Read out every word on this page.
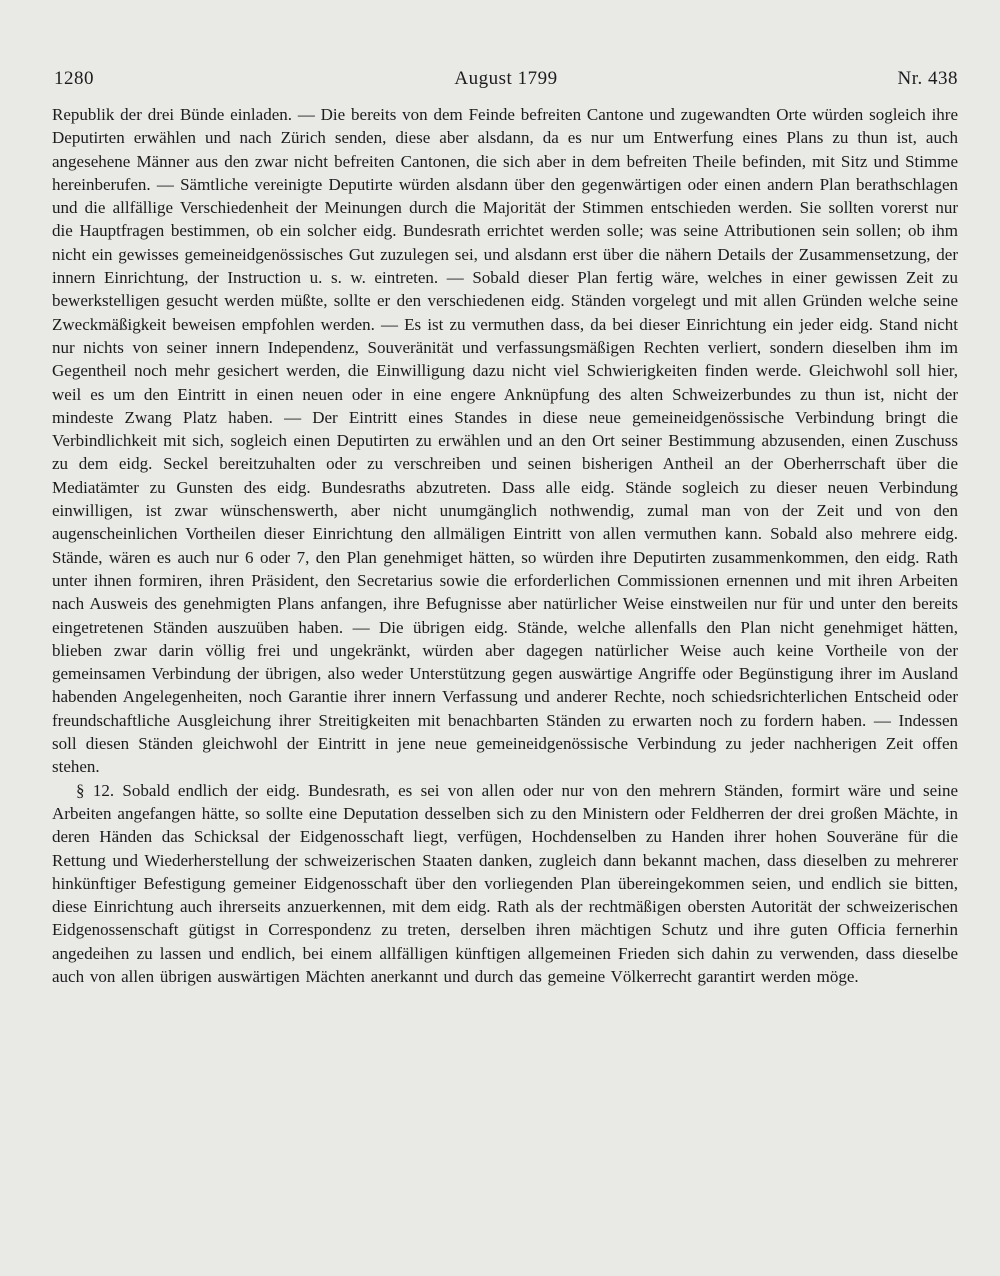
1280	August 1799	Nr. 438

Republik der drei Bünde einladen. — Die bereits von dem Feinde befreiten Cantone und zugewandten Orte würden sogleich ihre Deputirten erwählen und nach Zürich senden, diese aber alsdann, da es nur um Entwerfung eines Plans zu thun ist, auch angesehene Männer aus den zwar nicht befreiten Cantonen, die sich aber in dem befreiten Theile befinden, mit Sitz und Stimme hereinberufen. — Sämtliche vereinigte Deputirte würden alsdann über den gegenwärtigen oder einen andern Plan berathschlagen und die allfällige Verschiedenheit der Meinungen durch die Majorität der Stimmen entschieden werden. Sie sollten vorerst nur die Hauptfragen bestimmen, ob ein solcher eidg. Bundesrath errichtet werden solle; was seine Attributionen sein sollen; ob ihm nicht ein gewisses gemeineidgenössisches Gut zuzulegen sei, und alsdann erst über die nähern Details der Zusammensetzung, der innern Einrichtung, der Instruction u. s. w. eintreten. — Sobald dieser Plan fertig wäre, welches in einer gewissen Zeit zu bewerkstelligen gesucht werden müßte, sollte er den verschiedenen eidg. Ständen vorgelegt und mit allen Gründen welche seine Zweckmäßigkeit beweisen empfohlen werden. — Es ist zu vermuthen dass, da bei dieser Einrichtung ein jeder eidg. Stand nicht nur nichts von seiner innern Independenz, Souveränität und verfassungsmäßigen Rechten verliert, sondern dieselben ihm im Gegentheil noch mehr gesichert werden, die Einwilligung dazu nicht viel Schwierigkeiten finden werde. Gleichwohl soll hier, weil es um den Eintritt in einen neuen oder in eine engere Anknüpfung des alten Schweizerbundes zu thun ist, nicht der mindeste Zwang Platz haben. — Der Eintritt eines Standes in diese neue gemeineidgenössische Verbindung bringt die Verbindlichkeit mit sich, sogleich einen Deputirten zu erwählen und an den Ort seiner Bestimmung abzusenden, einen Zuschuss zu dem eidg. Seckel bereitzuhalten oder zu verschreiben und seinen bisherigen Antheil an der Oberherrschaft über die Mediatämter zu Gunsten des eidg. Bundesraths abzutreten. Dass alle eidg. Stände sogleich zu dieser neuen Verbindung einwilligen, ist zwar wünschenswerth, aber nicht unumgänglich nothwendig, zumal man von der Zeit und von den augenscheinlichen Vortheilen dieser Einrichtung den allmäligen Eintritt von allen vermuthen kann. Sobald also mehrere eidg. Stände, wären es auch nur 6 oder 7, den Plan genehmiget hätten, so würden ihre Deputirten zusammenkommen, den eidg. Rath unter ihnen formiren, ihren Präsident, den Secretarius sowie die erforderlichen Commissionen ernennen und mit ihren Arbeiten nach Ausweis des genehmigten Plans anfangen, ihre Befugnisse aber natürlicher Weise einstweilen nur für und unter den bereits eingetretenen Ständen auszuüben haben. — Die übrigen eidg. Stände, welche allenfalls den Plan nicht genehmiget hätten, blieben zwar darin völlig frei und ungekränkt, würden aber dagegen natürlicher Weise auch keine Vortheile von der gemeinsamen Verbindung der übrigen, also weder Unterstützung gegen auswärtige Angriffe oder Begünstigung ihrer im Ausland habenden Angelegenheiten, noch Garantie ihrer innern Verfassung und anderer Rechte, noch schiedsrichterlichen Entscheid oder freundschaftliche Ausgleichung ihrer Streitigkeiten mit benachbarten Ständen zu erwarten noch zu fordern haben. — Indessen soll diesen Ständen gleichwohl der Eintritt in jene neue gemeineidgenössische Verbindung zu jeder nachherigen Zeit offen stehen.

§ 12. Sobald endlich der eidg. Bundesrath, es sei von allen oder nur von den mehrern Ständen, formirt wäre und seine Arbeiten angefangen hätte, so sollte eine Deputation desselben sich zu den Ministern oder Feldherren der drei großen Mächte, in deren Händen das Schicksal der Eidgenosschaft liegt, verfügen, Hochdenselben zu Handen ihrer hohen Souveräne für die Rettung und Wiederherstellung der schweizerischen Staaten danken, zugleich dann bekannt machen, dass dieselben zu mehrerer hinkünftiger Befestigung gemeiner Eidgenosschaft über den vorliegenden Plan übereingekommen seien, und endlich sie bitten, diese Einrichtung auch ihrerseits anzuerkennen, mit dem eidg. Rath als der rechtmäßigen obersten Autorität der schweizerischen Eidgenossenschaft gütigst in Correspondenz zu treten, derselben ihren mächtigen Schutz und ihre guten Officia fernerhin angedeihen zu lassen und endlich, bei einem allfälligen künftigen allgemeinen Frieden sich dahin zu verwenden, dass dieselbe auch von allen übrigen auswärtigen Mächten anerkannt und durch das gemeine Völkerrecht garantirt werden möge.
